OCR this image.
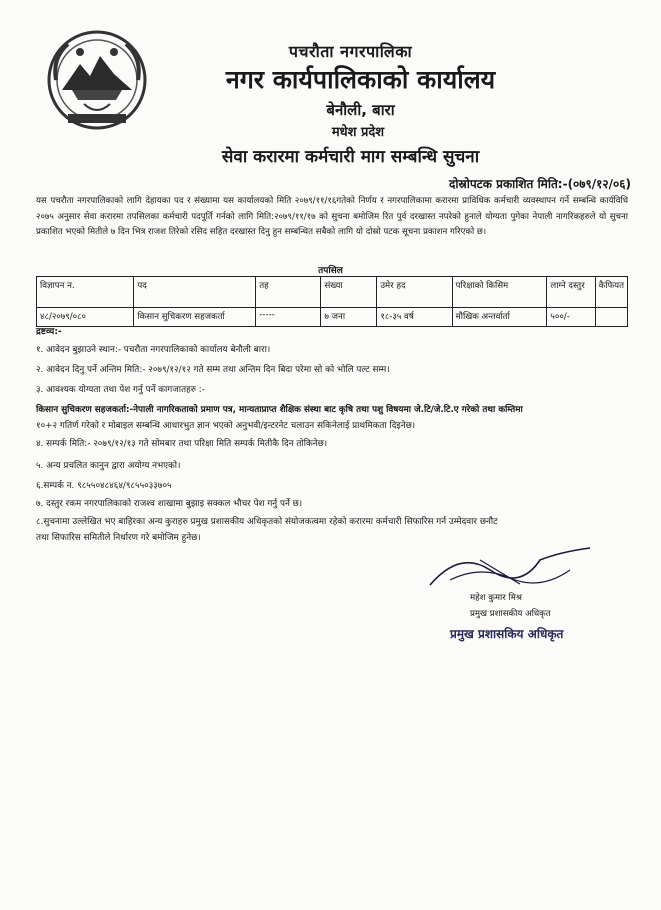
पचरौता नगरपालिका
नगर कार्यपालिकाको कार्यालय
बेनौली, बारा
मधेश प्रदेश
सेवा करारमा कर्मचारी माग सम्बन्धि सुचना
दोस्रोपटक प्रकाशित मिति:-(०७९/१२/०६)
यस पचरौता नगरपालिकाको लागि देहायका पद र संख्यामा यस कार्यालयको मिति २०७९/११/१६गतेको निर्णय र नगरपालिकामा करारमा प्राविधिक कर्मचारी व्यवस्थापन गर्ने सम्बन्धि कार्यविधि २०७५ अनुसार सेवा करारमा तपसिलका कर्मचारी पदपुर्ति गर्नको लागि मिति:२०७९/११/१७ को सुचना बमोजिम रित पुर्व दरखास्त नपरेको हुनाले योग्यता पुगेका नेपाली नागरिकहरुले यो सुचना प्रकाशित भएको मितीले ७ दिन भित्र राजश तिरेको रसिद सहित दरखास्त दिनु हुन सम्बन्धित सबैको लागि यो दोस्रो पटक सूचना प्रकाशन गरिएको छ।
तपसिल
विज्ञापन न.	पद	तह	संख्या	उमेर हद	परिक्षाको किसिम	लाग्ने दस्तुर	कैफियत
४८/२०७९/०८०	किसान सुचिकरण सहजकर्ता	-----	७ जना	१८-३५ वर्ष	मौखिक अन्तर्वार्ता	५००/-	
द्रष्टव्य:-
१. आवेदन बुझाउने स्थान:- पचरौता नगरपालिकाको कार्यालय बेनौली बारा।
२. आवेदन दिनु पर्ने अन्तिम मिति:- २०७९/१२/१२ गते सम्म तथा अन्तिम दिन बिदा परेमा सो को भोलि पल्ट सम्म।
३. आवश्यक योग्यता तथा पेश गर्नु पर्ने कागजातहरु :-
किसान सुचिकरण सहजकर्ता:-नेपाली नागरिकताको प्रमाण पत्र, मान्यताप्राप्त शैक्षिक संस्था बाट कृषि तथा पशु विषयमा जे.टि/जे.टि.ए गरेको तथा कम्तिमा
१०+२ गतिर्ण गरेको र मोबाइल सम्बन्धि आधारभुत ज्ञान भएको अनुभवी/इन्टरनेट चलाउन सकिनेलाई प्राथमिकता दिइनेछ।
४. सम्पर्क मिति:- २०७९/१२/१३ गते सोमबार तथा परिक्षा मिति सम्पर्क मितीकै दिन तोकिनेछ।
५. अन्य प्रचलित कानुन द्वारा अयोग्य नभएको।
६.सम्पर्क न. ९८५५०४८४६४/९८५५०३३७०५
७. दस्तुर रकम नगरपालिकाको राजश्व शाखामा बुझाइ सक्कल भौचर पेश गर्नु पर्ने छ।
८.सुचनामा उल्लेखित भए बाहिरका अन्य कुराहरु प्रमुख प्रशासकीय अधिकृतको संयोजकत्वमा रहेको करारमा कर्मचारी सिफारिस गर्न उम्मेदवार छनौट
तथा सिफारिस समितीले निर्धारण गरे बमोजिम हुनेछ।
महेश कुमार मिश्र
प्रमुख प्रशासकीय अधिकृत
प्रमुख प्रशासकिय अधिकृत
